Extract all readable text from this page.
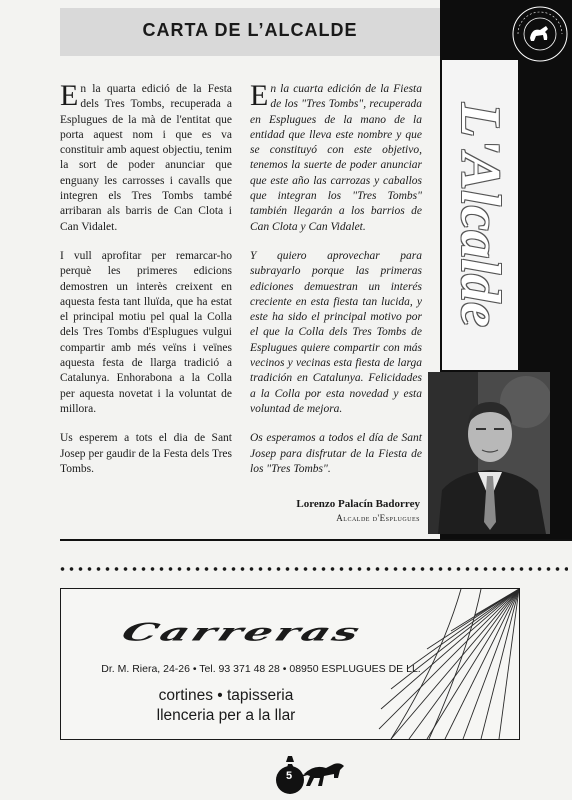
CARTA DE L’ALCALDE
L'Alcalde

En la quarta edició de la Festa dels Tres Tombs, recuperada a Esplugues de la mà de l'entitat que porta aquest nom i que es va constituir amb aquest objectiu, tenim la sort de poder anunciar que enguany les carrosses i cavalls que integren els Tres Tombs també arribaran als barris de Can Clota i Can Vidalet.

I vull aprofitar per remarcar-ho perquè les primeres edicions demostren un interès creixent en aquesta festa tant lluïda, que ha estat el principal motiu pel qual la Colla dels Tres Tombs d'Esplugues vulgui compartir amb més veïns i veïnes aquesta festa de llarga tradició a Catalunya. Enhorabona a la Colla per aquesta novetat i la voluntat de millora.

Us esperem a tots el dia de Sant Josep per gaudir de la Festa dels Tres Tombs.

En la cuarta edición de la Fiesta de los "Tres Tombs", recuperada en Esplugues de la mano de la entidad que lleva este nombre y que se constituyó con este objetivo, tenemos la suerte de poder anunciar que este año las carrozas y caballos que integran los "Tres Tombs" también llegarán a los barrios de Can Clota y Can Vidalet.

Y quiero aprovechar para subrayarlo porque las primeras ediciones demuestran un interés creciente en esta fiesta tan lucida, y este ha sido el principal motivo por el que la Colla dels Tres Tombs de Esplugues quiere compartir con más vecinos y vecinas esta fiesta de larga tradición en Catalunya. Felicidades a la Colla por esta novedad y esta voluntad de mejora.

Os esperamos a todos el día de Sant Josep para disfrutar de la Fiesta de los "Tres Tombs".

Lorenzo Palacín Badorrey
Alcalde d'Esplugues
Carreras
Dr. M. Riera, 24-26 • Tel. 93 371 48 28 • 08950 ESPLUGUES DE LL.
cortines • tapisseria
llenceria per a la llar
5
